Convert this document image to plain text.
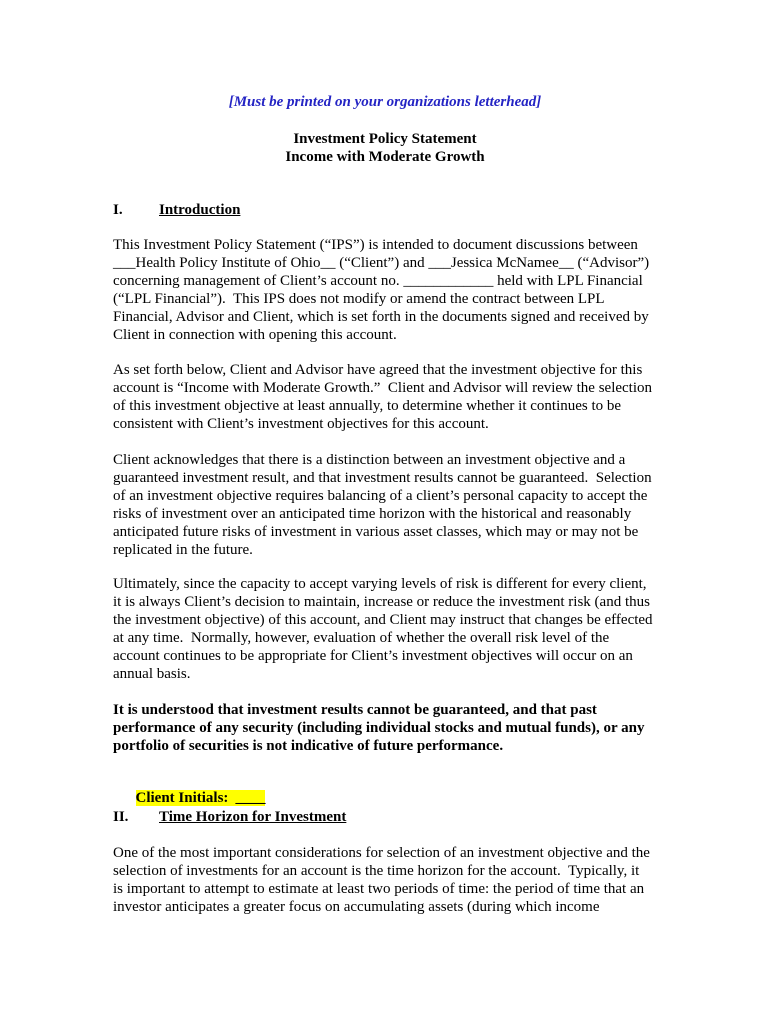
[Must be printed on your organizations letterhead]
Investment Policy Statement
Income with Moderate Growth
I. Introduction
This Investment Policy Statement (“IPS”) is intended to document discussions between
___Health Policy Institute of Ohio__ (“Client”) and ___Jessica McNamee__ (“Advisor”)
concerning management of Client’s account no. ____________ held with LPL Financial
(“LPL Financial”).  This IPS does not modify or amend the contract between LPL
Financial, Advisor and Client, which is set forth in the documents signed and received by
Client in connection with opening this account.
As set forth below, Client and Advisor have agreed that the investment objective for this
account is “Income with Moderate Growth.”  Client and Advisor will review the selection
of this investment objective at least annually, to determine whether it continues to be
consistent with Client’s investment objectives for this account.
Client acknowledges that there is a distinction between an investment objective and a
guaranteed investment result, and that investment results cannot be guaranteed.  Selection
of an investment objective requires balancing of a client’s personal capacity to accept the
risks of investment over an anticipated time horizon with the historical and reasonably
anticipated future risks of investment in various asset classes, which may or may not be
replicated in the future.
Ultimately, since the capacity to accept varying levels of risk is different for every client,
it is always Client’s decision to maintain, increase or reduce the investment risk (and thus
the investment objective) of this account, and Client may instruct that changes be effected
at any time.  Normally, however, evaluation of whether the overall risk level of the
account continues to be appropriate for Client’s investment objectives will occur on an
annual basis.
It is understood that investment results cannot be guaranteed, and that past
performance of any security (including individual stocks and mutual funds), or any
portfolio of securities is not indicative of future performance.

Client Initials: ____

II. Time Horizon for Investment
One of the most important considerations for selection of an investment objective and the
selection of investments for an account is the time horizon for the account.  Typically, it
is important to attempt to estimate at least two periods of time: the period of time that an
investor anticipates a greater focus on accumulating assets (during which income
